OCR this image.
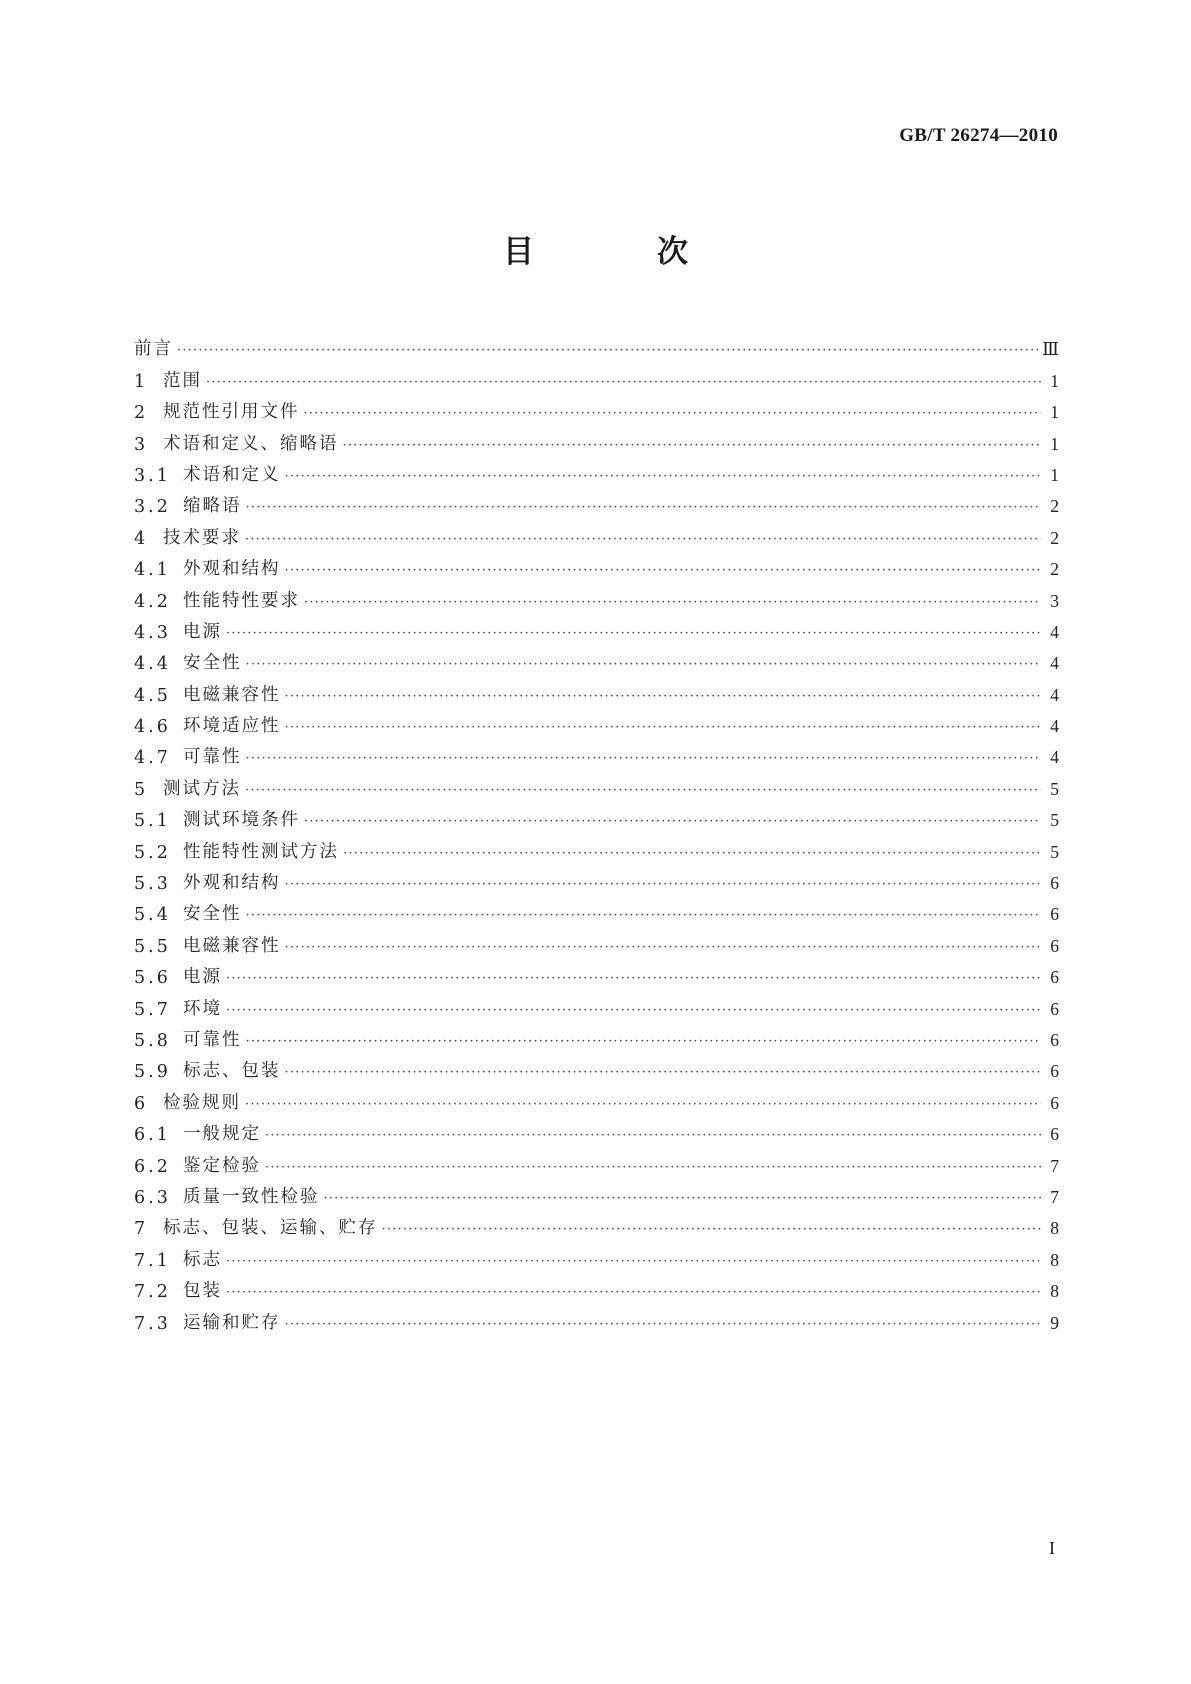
GB/T 26274—2010
目　次
前言 ·····	Ⅲ
1 范围 ·····	1
2 规范性引用文件 ·····	1
3 术语和定义、缩略语 ·····	1
3.1 术语和定义 ·····	1
3.2 缩略语 ·····	2
4 技术要求 ·····	2
4.1 外观和结构 ·····	2
4.2 性能特性要求 ·····	3
4.3 电源 ·····	4
4.4 安全性 ·····	4
4.5 电磁兼容性 ·····	4
4.6 环境适应性 ·····	4
4.7 可靠性 ·····	4
5 测试方法 ·····	5
5.1 测试环境条件 ·····	5
5.2 性能特性测试方法 ·····	5
5.3 外观和结构 ·····	6
5.4 安全性 ·····	6
5.5 电磁兼容性 ·····	6
5.6 电源 ·····	6
5.7 环境 ·····	6
5.8 可靠性 ·····	6
5.9 标志、包装 ·····	6
6 检验规则 ·····	6
6.1 一般规定 ·····	6
6.2 鉴定检验 ·····	7
6.3 质量一致性检验 ·····	7
7 标志、包装、运输、贮存 ·····	8
7.1 标志 ·····	8
7.2 包装 ·····	8
7.3 运输和贮存 ·····	9
I
